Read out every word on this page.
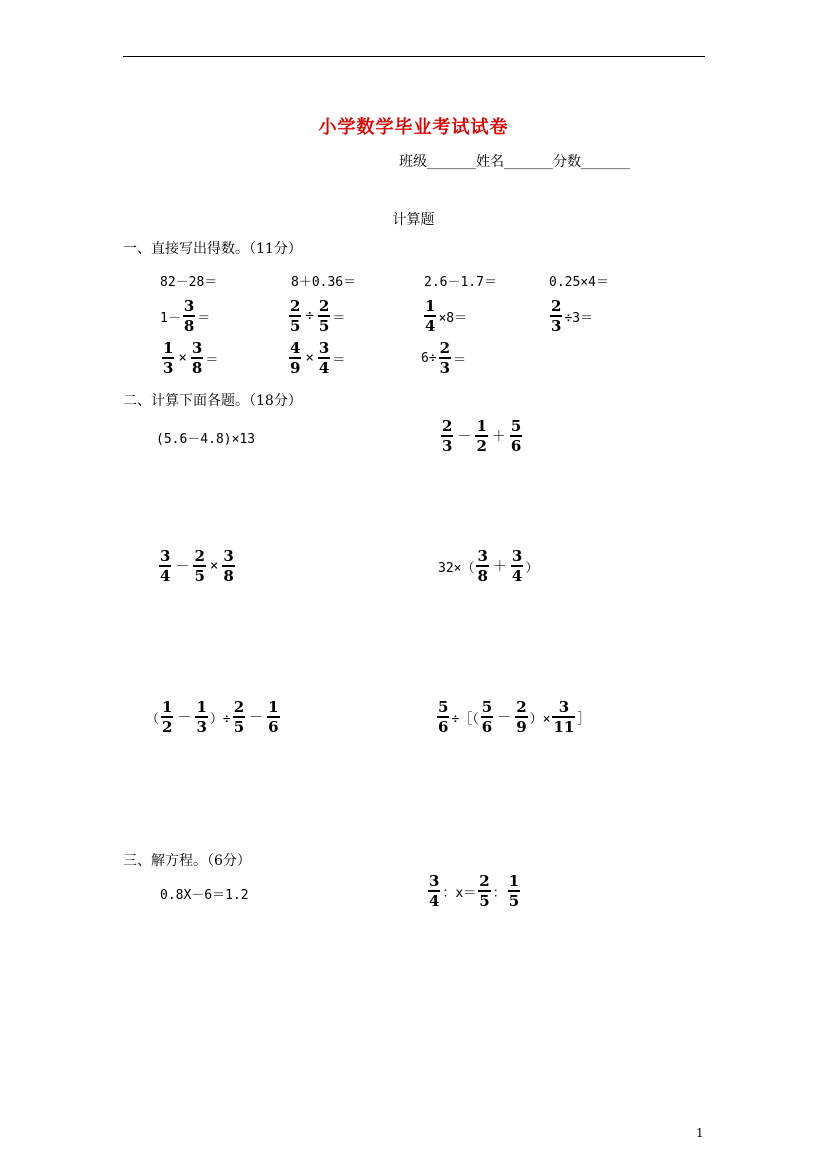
小学数学毕业考试试卷
班级_______姓名_______分数_______
计算题
一、直接写出得数。（11分）
82－28＝	8＋0.36＝	2.6－1.7＝	0.25×4＝
$1- \frac{3}{8}$ ＝	$\frac{2}{5} \div \frac{2}{5}$ ＝	$\frac{1}{4} \times 8=$	$\frac{2}{3} \div 3=$
$\frac{1}{3} \times \frac{3}{8}$ ＝	$\frac{4}{9} \times \frac{3}{4}$ ＝	$6\div \frac{2}{3}$ ＝
二、计算下面各题。（18分）
(5.6－4.8)×13	$\frac{2}{3} - \frac{1}{2} + \frac{5}{6}$
$\frac{3}{4} - \frac{2}{5} \times \frac{3}{8}$	$32\times( \frac{3}{8} + \frac{3}{4}$ ）
（ $\frac{1}{2} - \frac{1}{3}$ ）÷ $\frac{2}{5} - \frac{1}{6}$	$\frac{5}{6}$ ÷［（ $\frac{5}{6} - \frac{2}{9}$ ）× $\frac{3}{11}$ ］
三、解方程。（6分）
0.8X－6＝1.2	$\frac{3}{4}$ ：$x= \frac{2}{5}$ ： $\frac{1}{5}$
1
